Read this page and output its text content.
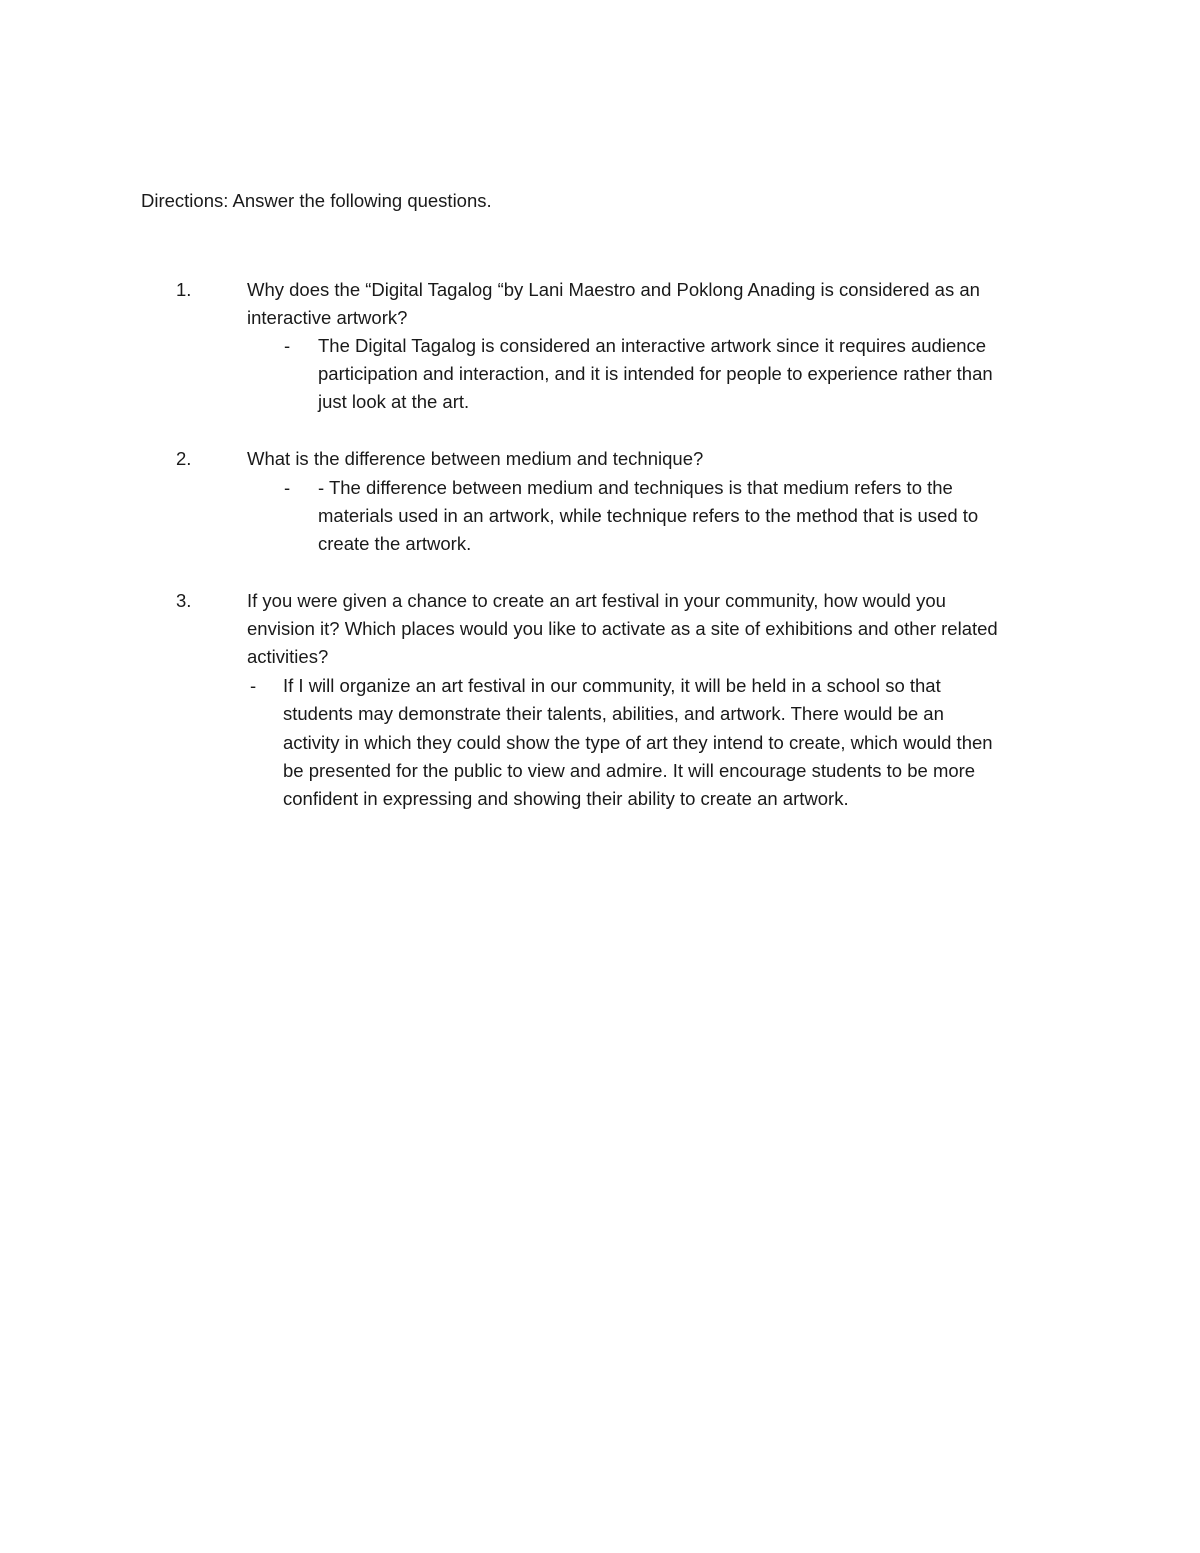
Directions: Answer the following questions.
1.	Why does the “Digital Tagalog “by Lani Maestro and Poklong Anading is considered as an
interactive artwork?
- The Digital Tagalog is considered an interactive artwork since it requires audience
participation and interaction, and it is intended for people to experience rather than
just look at the art.
2.	What is the difference between medium and technique?
- - The difference between medium and techniques is that medium refers to the
materials used in an artwork, while technique refers to the method that is used to
create the artwork.
3.	If you were given a chance to create an art festival in your community, how would you
envision it? Which places would you like to activate as a site of exhibitions and other related
activities?
- If I will organize an art festival in our community, it will be held in a school so that
students may demonstrate their talents, abilities, and artwork. There would be an
activity in which they could show the type of art they intend to create, which would then
be presented for the public to view and admire. It will encourage students to be more
confident in expressing and showing their ability to create an artwork.
